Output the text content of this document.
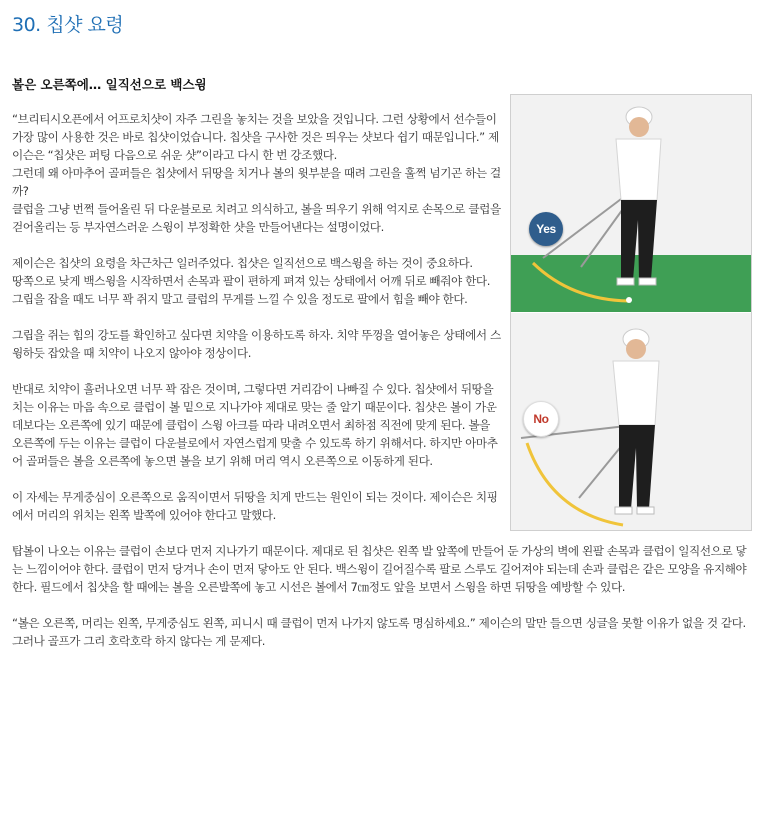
30. 칩샷 요령
볼은 오른쪽에… 일직선으로 백스윙
Yes
No

“브리티시오픈에서 어프로치샷이 자주 그린을 놓치는 것을 보았을 것입니다. 그런 상황에서 선수들이 가장 많이 사용한 것은 바로 칩샷이었습니다. 칩샷을 구사한 것은 띄우는 샷보다 쉽기 때문입니다.” 제이슨은 “칩샷은 퍼팅 다음으로 쉬운 샷”이라고 다시 한 번 강조했다.
그런데 왜 아마추어 골퍼들은 칩샷에서 뒤땅을 치거나 볼의 윗부분을 때려 그린을 훌쩍 넘기곤 하는 걸까?
클럽을 그냥 번쩍 들어올린 뒤 다운블로로 치려고 의식하고, 볼을 띄우기 위해 억지로 손목으로 클럽을 걷어올리는 등 부자연스러운 스윙이 부정확한 샷을 만들어낸다는 설명이었다.

제이슨은 칩샷의 요령을 차근차근 일러주었다. 칩샷은 일직선으로 백스윙을 하는 것이 중요하다.
땅쪽으로 낮게 백스윙을 시작하면서 손목과 팔이 편하게 펴져 있는 상태에서 어깨 뒤로 빼줘야 한다.
그립을 잡을 때도 너무 꽉 쥐지 말고 클럽의 무게를 느낄 수 있을 정도로 팔에서 힘을 빼야 한다.

그립을 쥐는 힘의 강도를 확인하고 싶다면 치약을 이용하도록 하자. 치약 뚜껑을 열어놓은 상태에서 스윙하듯 잡았을 때 치약이 나오지 않아야 정상이다.

반대로 치약이 흘러나오면 너무 꽉 잡은 것이며, 그렇다면 거리감이 나빠질 수 있다. 칩샷에서 뒤땅을 치는 이유는 마음 속으로 클럽이 볼 밑으로 지나가야 제대로 맞는 줄 알기 때문이다. 칩샷은 볼이 가운데보다는 오른쪽에 있기 때문에 클럽이 스윙 아크를 따라 내려오면서 최하점 직전에 맞게 된다. 볼을 오른쪽에 두는 이유는 클럽이 다운블로에서 자연스럽게 맞출 수 있도록 하기 위해서다. 하지만 아마추어 골퍼들은 볼을 오른쪽에 놓으면 볼을 보기 위해 머리 역시 오른쪽으로 이동하게 된다.

이 자세는 무게중심이 오른쪽으로 움직이면서 뒤땅을 치게 만드는 원인이 되는 것이다. 제이슨은 치핑에서 머리의 위치는 왼쪽 발쪽에 있어야 한다고 말했다.

탑볼이 나오는 이유는 클럽이 손보다 먼저 지나가기 때문이다. 제대로 된 칩샷은 왼쪽 발 앞쪽에 만들어 둔 가상의 벽에 왼팔 손목과 클럽이 일직선으로 닿는 느낌이어야 한다. 클럽이 먼저 당겨나 손이 먼저 닿아도 안 된다. 백스윙이 길어질수록 팔로 스루도 길어져야 되는데 손과 클럽은 같은 모양을 유지해야 한다. 필드에서 칩샷을 할 때에는 볼을 오른발쪽에 놓고 시선은 볼에서 7㎝정도 앞을 보면서 스윙을 하면 뒤땅을 예방할 수 있다.

“볼은 오른쪽, 머리는 왼쪽, 무게중심도 왼쪽, 피니시 때 클럽이 먼저 나가지 않도록 명심하세요.” 제이슨의 말만 들으면 싱글을 못할 이유가 없을 것 같다. 그러나 골프가 그리 호락호락 하지 않다는 게 문제다.
